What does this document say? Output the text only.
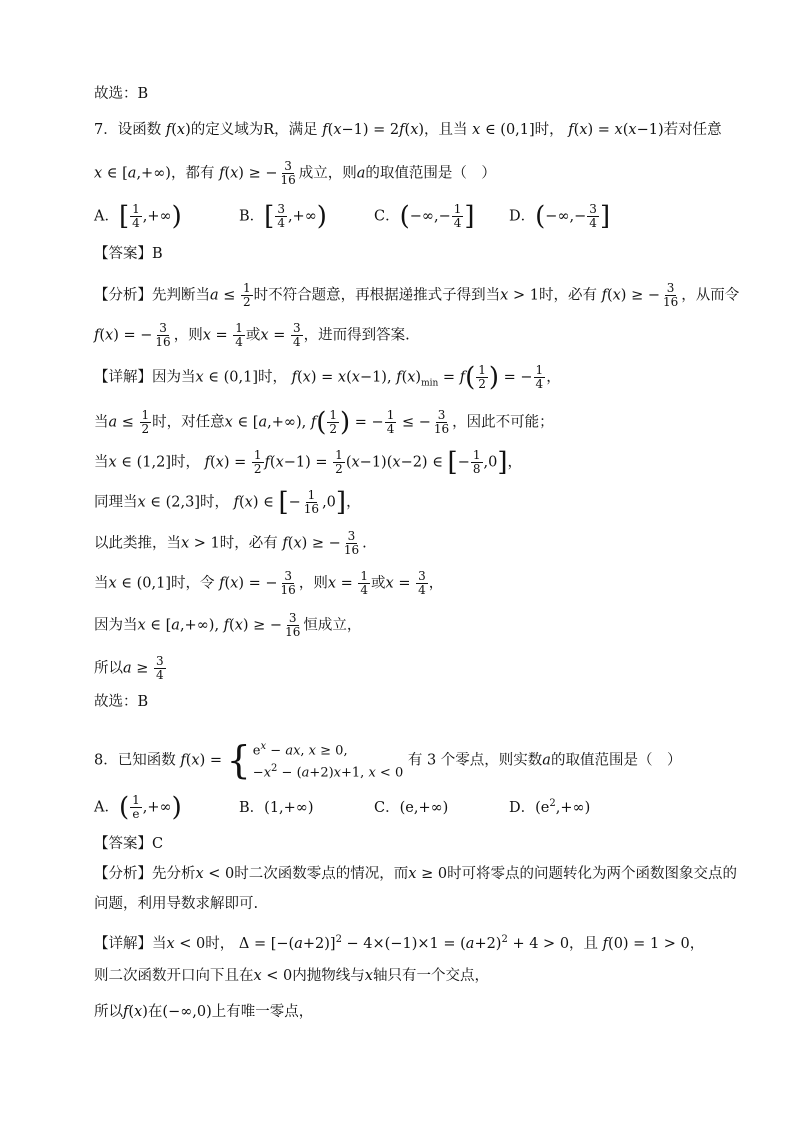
故选：B
7．设函数 f(x)的定义域为R，满足 f(x−1) = 2f(x)，且当 x ∈ (0,1]时， f(x) = x(x−1)若对任意
x ∈ [a,+∞)，都有 f(x) ≥ − $\frac{3}{16}$ 成立，则a的取值范围是（　）
A．[ $\frac{1}{4}$ ,+∞)	B．[ $\frac{3}{4}$ ,+∞)	C．(−∞,− $\frac{1}{4}$ ] D．(−∞,− $\frac{3}{4}$ ]
【答案】B
【分析】先判断当$a \le \frac{1}{2}$ 时不符合题意，再根据递推式子得到当x > 1时，必有 f(x) ≥ − $\frac{3}{16}$ ，从而令
f(x) = − $\frac{3}{16}$ ，则$x = \frac{1}{4}$ 或$x = \frac{3}{4}$ ，进而得到答案.
【详解】因为当x ∈ (0,1]时， f(x) = x(x−1), $f(x)_{min} = f( \frac{1}{2}$ ) = − $\frac{1}{4}$ ，
当$a \le \frac{1}{2}$ 时，对任意x ∈ [a,+∞), $f( \frac{1}{2}$ ) = − $\frac{1}{4}$ ≤ − $\frac{3}{16}$ ，因此不可能；
当x ∈ (1,2]时， $f(x) = \frac{1}{2} f(x-1) = \frac{1}{2} (x-1)(x-2)$ ∈ [− $\frac{1}{8} ,0$]，
同理当x ∈ (2,3]时， f(x) ∈ [− $\frac{1}{16} ,0$]，
以此类推，当x > 1时，必有 f(x) ≥ − $\frac{3}{16}$ .
当x ∈ (0,1]时，令 f(x) = − $\frac{3}{16}$ ，则$x = \frac{1}{4}$ 或$x = \frac{3}{4}$ ，
因为当x ∈ [a,+∞), f(x) ≥ − $\frac{3}{16}$ 恒成立，
所以$a \ge \frac{3}{4}$
故选：B
8．已知函数 f(x) = { $e^x$ − ax, x ≥ 0,
$-x^2 - (a+2)x+1$, x < 0
有 3 个零点，则实数a的取值范围是（　）
A．( $\frac{1}{e}$ ,+∞)	B．(1,+∞)	C．(e,+∞)	D．$(e^2,+\infty)$
【答案】C
【分析】先分析x < 0时二次函数零点的情况，而x ≥ 0时可将零点的问题转化为两个函数图象交点的
问题，利用导数求解即可.
【详解】当x < 0时， $\Delta = [-(a+2)]^2 - 4\times(-1)\times 1 = (a+2)^2 + 4 > 0$，且 f(0) = 1 > 0，
则二次函数开口向下且在x < 0内抛物线与x轴只有一个交点，
所以f(x)在(−∞,0)上有唯一零点，
